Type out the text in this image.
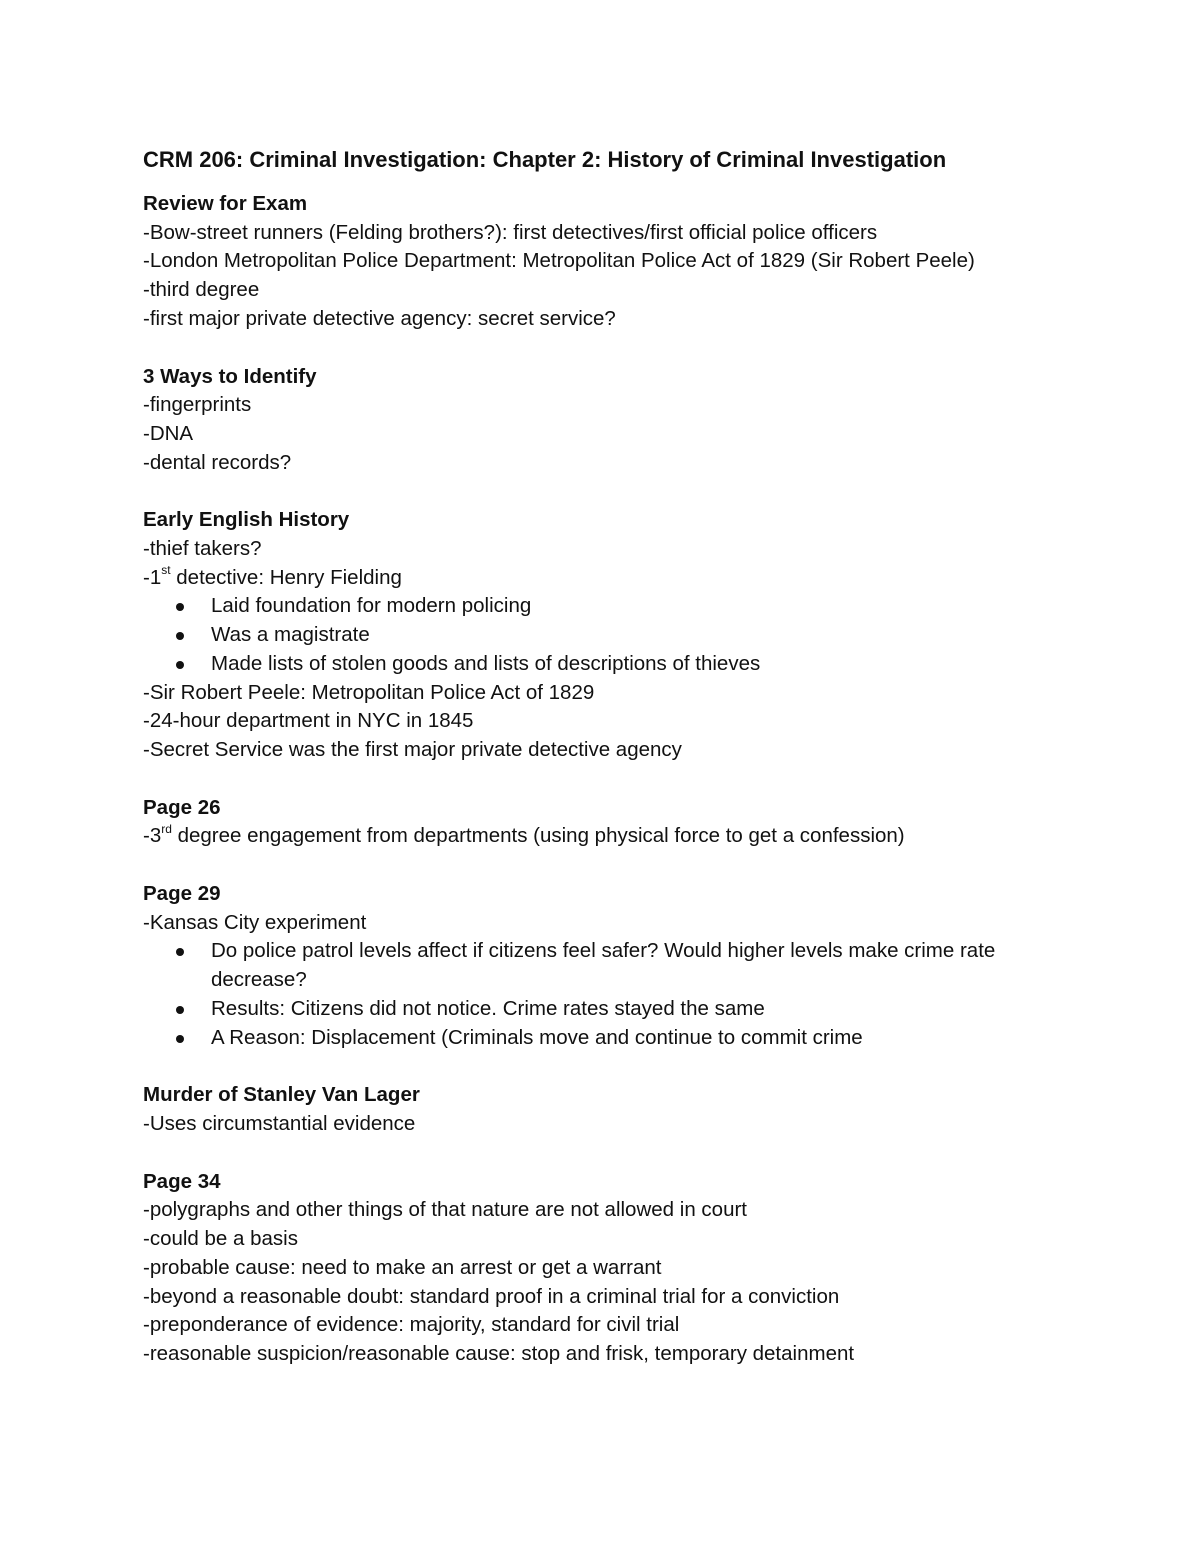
CRM 206: Criminal Investigation: Chapter 2: History of Criminal Investigation
Review for Exam
-Bow-street runners (Felding brothers?): first detectives/first official police officers
-London Metropolitan Police Department: Metropolitan Police Act of 1829 (Sir Robert Peele)
-third degree
-first major private detective agency: secret service?
3 Ways to Identify
-fingerprints
-DNA
-dental records?
Early English History
-thief takers?
-1st detective: Henry Fielding
Laid foundation for modern policing
Was a magistrate
Made lists of stolen goods and lists of descriptions of thieves
-Sir Robert Peele: Metropolitan Police Act of 1829
-24-hour department in NYC in 1845
-Secret Service was the first major private detective agency
Page 26
-3rd degree engagement from departments (using physical force to get a confession)
Page 29
-Kansas City experiment
Do police patrol levels affect if citizens feel safer? Would higher levels make crime rate decrease?
Results: Citizens did not notice. Crime rates stayed the same
A Reason: Displacement (Criminals move and continue to commit crime
Murder of Stanley Van Lager
-Uses circumstantial evidence
Page 34
-polygraphs and other things of that nature are not allowed in court
-could be a basis
-probable cause: need to make an arrest or get a warrant
-beyond a reasonable doubt: standard proof in a criminal trial for a conviction
-preponderance of evidence: majority, standard for civil trial
-reasonable suspicion/reasonable cause: stop and frisk, temporary detainment
